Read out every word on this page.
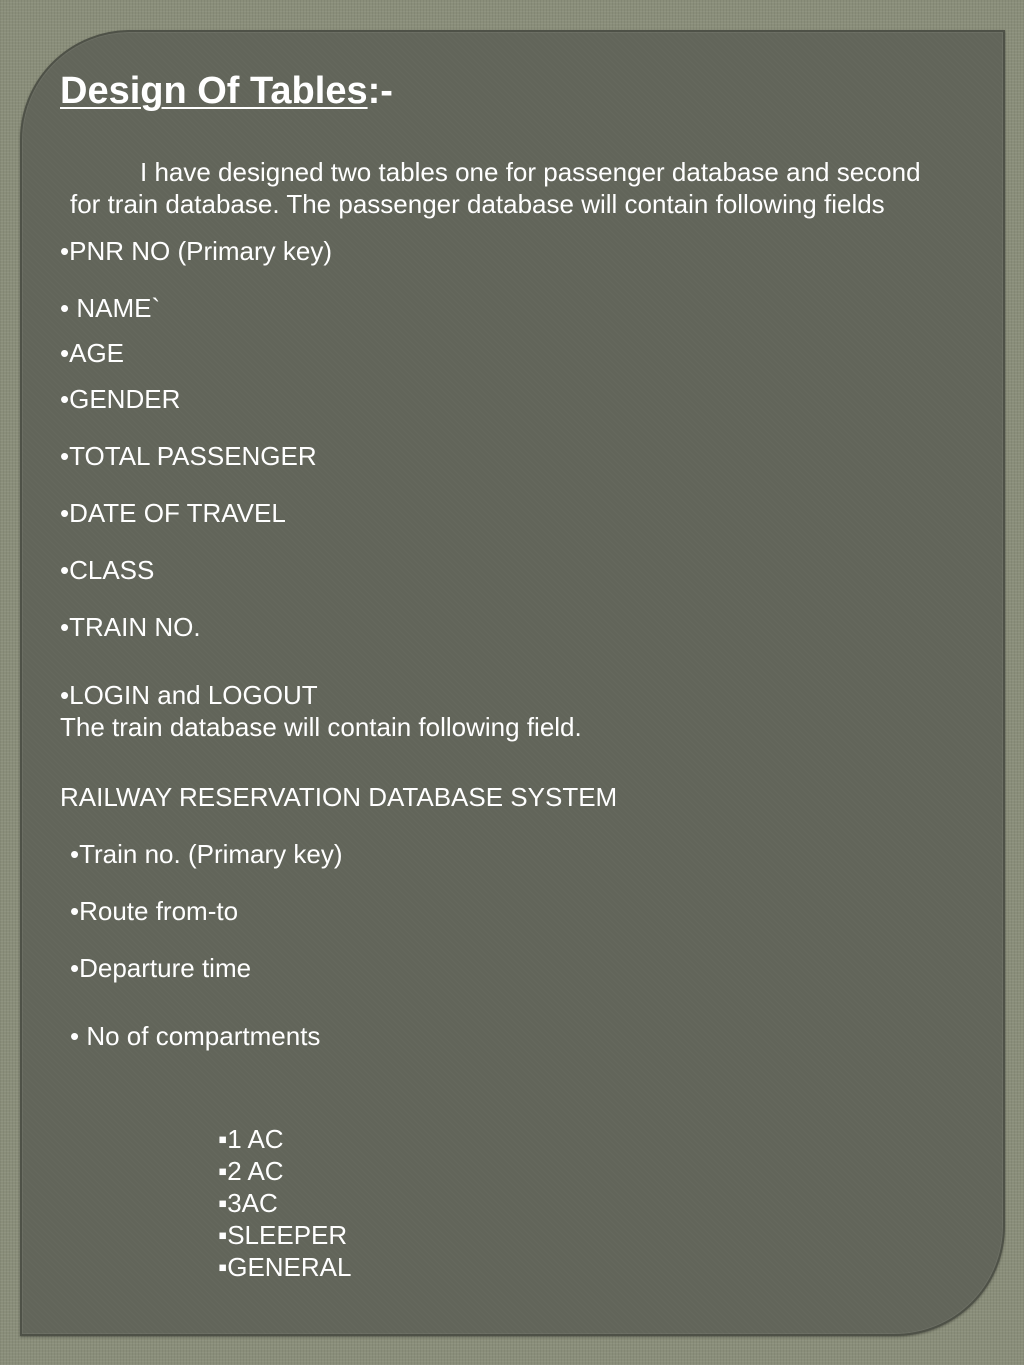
Design Of Tables:-
I have designed two tables one for passenger database and second
for train database. The passenger database will contain following fields
•PNR NO (Primary key)
• NAME`
•AGE
•GENDER
•TOTAL PASSENGER
•DATE OF TRAVEL
•CLASS
•TRAIN NO.
•LOGIN and LOGOUT
The train database will contain following field.
RAILWAY RESERVATION DATABASE SYSTEM
•Train no. (Primary key)
•Route from-to
•Departure time
• No of compartments
▪1 AC
▪2 AC
▪3AC
▪SLEEPER
▪GENERAL
